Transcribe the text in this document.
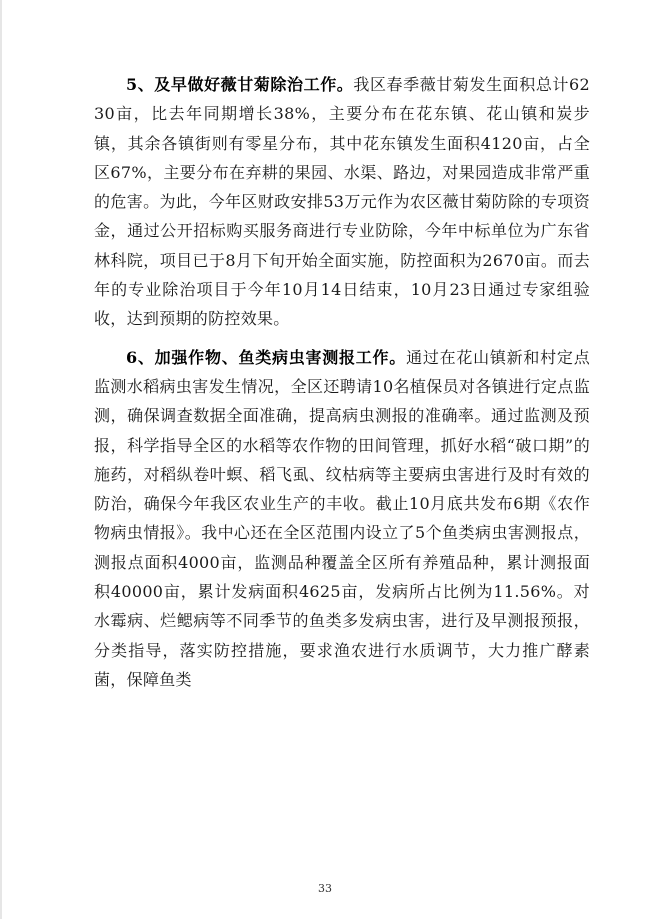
5、及早做好薇甘菊除治工作。我区春季薇甘菊发生面积总计6230亩，比去年同期增长38%，主要分布在花东镇、花山镇和炭步镇，其余各镇街则有零星分布，其中花东镇发生面积4120亩，占全区67%，主要分布在弃耕的果园、水渠、路边，对果园造成非常严重的危害。为此，今年区财政安排53万元作为农区薇甘菊防除的专项资金，通过公开招标购买服务商进行专业防除，今年中标单位为广东省林科院，项目已于8月下旬开始全面实施，防控面积为2670亩。而去年的专业除治项目于今年10月14日结束，10月23日通过专家组验收，达到预期的防控效果。

6、加强作物、鱼类病虫害测报工作。通过在花山镇新和村定点监测水稻病虫害发生情况，全区还聘请10名植保员对各镇进行定点监测，确保调查数据全面准确，提高病虫测报的准确率。通过监测及预报，科学指导全区的水稻等农作物的田间管理，抓好水稻“破口期”的施药，对稻纵卷叶螟、稻飞虱、纹枯病等主要病虫害进行及时有效的防治，确保今年我区农业生产的丰收。截止10月底共发布6期《农作物病虫情报》。我中心还在全区范围内设立了5个鱼类病虫害测报点，测报点面积4000亩，监测品种覆盖全区所有养殖品种，累计测报面积40000亩，累计发病面积4625亩，发病所占比例为11.56%。对水霉病、烂鳃病等不同季节的鱼类多发病虫害，进行及早测报预报，分类指导，落实防控措施，要求渔农进行水质调节，大力推广酵素菌，保障鱼类

33
